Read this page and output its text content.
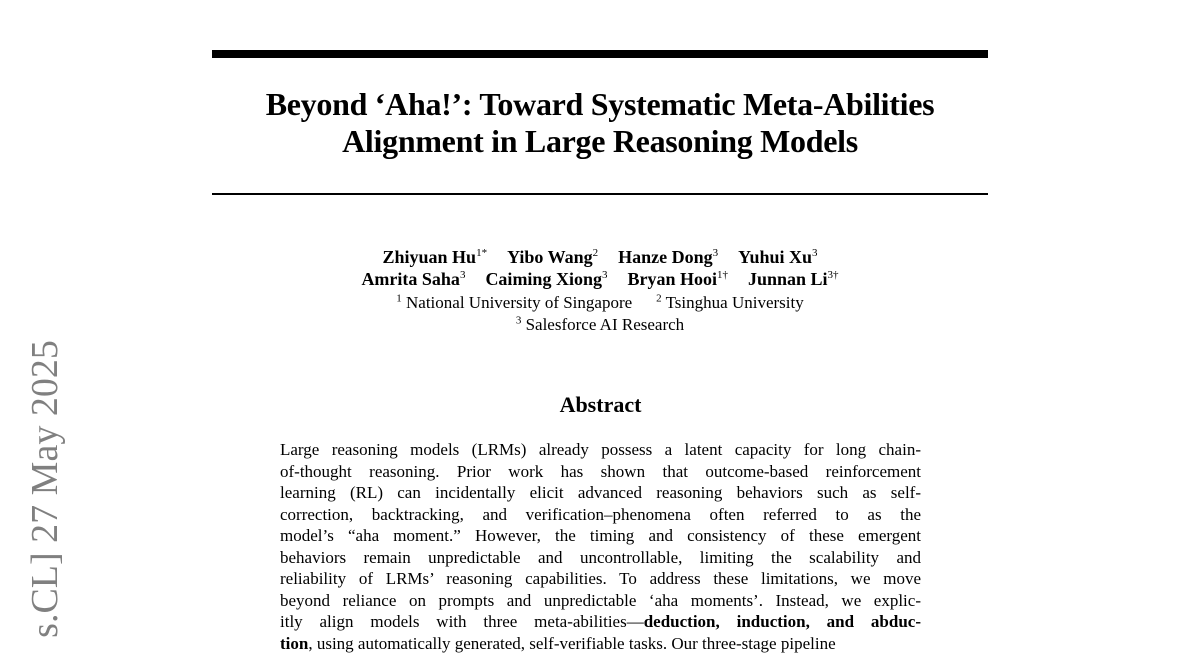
s.CL] 27 May 2025
Beyond ‘Aha!’: Toward Systematic Meta-Abilities
Alignment in Large Reasoning Models
Zhiyuan $Hu^{1*}$ Yibo Wang$^2$ Hanze Dong$^3$ Yuhui Xu$^3$
Amrita Saha$^3$ Caiming Xiong$^3$ Bryan Hooi$^{1\dagger}$ Junnan $Li^{3\dagger}$
$^1$ National University of Singapore $^2$ Tsinghua University
$^3$ Salesforce AI Research
Abstract
Large reasoning models (LRMs) already possess a latent capacity for long chain-
of-thought reasoning. Prior work has shown that outcome-based reinforcement
learning (RL) can incidentally elicit advanced reasoning behaviors such as self-
correction, backtracking, and verification–phenomena often referred to as the
model’s “aha moment.” However, the timing and consistency of these emergent
behaviors remain unpredictable and uncontrollable, limiting the scalability and
reliability of LRMs’ reasoning capabilities. To address these limitations, we move
beyond reliance on prompts and unpredictable ‘aha moments’. Instead, we explic-
itly align models with three meta-abilities—deduction, induction, and abduc-
tion, using automatically generated, self-verifiable tasks. Our three-stage pipeline
